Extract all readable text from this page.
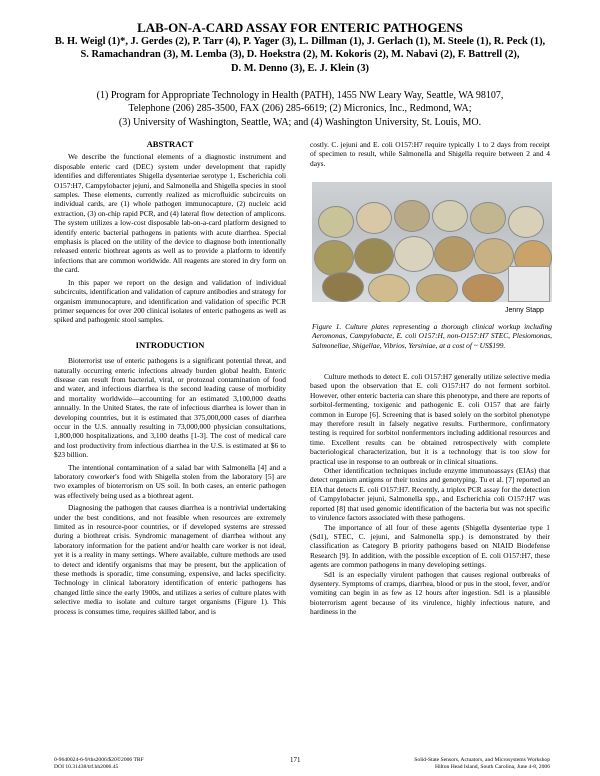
LAB-ON-A-CARD ASSAY FOR ENTERIC PATHOGENS
B. H. Weigl (1)*, J. Gerdes (2), P. Tarr (4), P. Yager (3), L. Dillman (1), J. Gerlach (1), M. Steele (1), R. Peck (1),
S. Ramachandran (3), M. Lemba (3), D. Hoekstra (2), M. Kokoris (2), M. Nabavi (2), F. Battrell (2),
D. M. Denno (3), E. J. Klein (3)
(1) Program for Appropriate Technology in Health (PATH), 1455 NW Leary Way, Seattle, WA 98107,
Telephone (206) 285-3500, FAX (206) 285-6619; (2) Micronics, Inc., Redmond, WA;
(3) University of Washington, Seattle, WA; and (4) Washington University, St. Louis, MO.

ABSTRACT

We describe the functional elements of a diagnostic instrument and disposable enteric card (DEC) system under development that rapidly identifies and differentiates Shigella dysenteriae serotype 1, Escherichia coli O157:H7, Campylobacter jejuni, and Salmonella and Shigella species in stool samples. These elements, currently realized as microfluidic subcircuits on individual cards, are (1) whole pathogen immunocapture, (2) nucleic acid extraction, (3) on-chip rapid PCR, and (4) lateral flow detection of amplicons. The system utilizes a low-cost disposable lab-on-a-card platform designed to identify enteric bacterial pathogens in patients with acute diarrhea. Special emphasis is placed on the utility of the device to diagnose both intentionally released enteric biothreat agents as well as to provide a platform to identify infections that are common worldwide. All reagents are stored in dry form on the card.

In this paper we report on the design and validation of individual subcircuits, identification and validation of capture antibodies and strategy for organism immunocapture, and identification and validation of specific PCR primer sequences for over 200 clinical isolates of enteric pathogens as well as spiked and pathogenic stool samples.

INTRODUCTION

Bioterrorist use of enteric pathogens is a significant potential threat, and naturally occurring enteric infections already burden global health. Enteric disease can result from bacterial, viral, or protozoal contamination of food and water, and infectious diarrhea is the second leading cause of morbidity and mortality worldwide—accounting for an estimated 3,100,000 deaths annually. In the United States, the rate of infectious diarrhea is lower than in developing countries, but it is estimated that 375,000,000 cases of diarrhea occur in the U.S. annually resulting in 73,000,000 physician consultations, 1,800,000 hospitalizations, and 3,100 deaths [1-3]. The cost of medical care and lost productivity from infectious diarrhea in the U.S. is estimated at $6 to $23 billion.

The intentional contamination of a salad bar with Salmonella [4] and a laboratory coworker's food with Shigella stolen from the laboratory [5] are two examples of bioterrorism on US soil. In both cases, an enteric pathogen was effectively being used as a biothreat agent.

Diagnosing the pathogen that causes diarrhea is a nontrivial undertaking under the best conditions, and not feasible when resources are extremely limited as in resource-poor countries, or if developed systems are stressed during a biothreat crisis. Syndromic management of diarrhea without any laboratory information for the patient and/or health care worker is not ideal, yet it is a reality in many settings. Where available, culture methods are used to detect and identify organisms that may be present, but the application of these methods is sporadic, time consuming, expensive, and lacks specificity. Technology in clinical laboratory identification of enteric pathogens has changed little since the early 1900s, and utilizes a series of culture plates with selective media to isolate and culture target organisms (Figure 1). This process is consumes time, requires skilled labor, and is

costly. C. jejuni and E. coli O157:H7 require typically 1 to 2 days from receipt of specimen to result, while Salmonella and Shigella require between 2 and 4 days.

Jenny Stapp
Figure 1. Culture plates representing a thorough clinical workup including Aeromonas, Campylobacte, E. coli O157:H, non-O157:H7 STEC, Plesiomonas, Salmonellae, Shigellae, Vibrios, Yersiniae, at a cost of ~ US$199.

Culture methods to detect E. coli O157:H7 generally utilize selective media based upon the observation that E. coli O157:H7 do not ferment sorbitol. However, other enteric bacteria can share this phenotype, and there are reports of sorbitol-fermenting, toxigenic and pathogenic E. coli O157 that are fairly common in Europe [6]. Screening that is based solely on the sorbitol phenotype may therefore result in falsely negative results. Furthermore, confirmatory testing is required for sorbitol nonfermentors including additional resources and time. Excellent results can be obtained retrospectively with complete bacteriological characterization, but it is a technology that is too slow for practical use in response to an outbreak or in clinical situations.

Other identification techniques include enzyme immunoassays (EIAs) that detect organism antigens or their toxins and genotyping. Tu et al. [7] reported an EIA that detects E. coli O157:H7. Recently, a triplex PCR assay for the detection of Campylobacter jejuni, Salmonella spp., and Escherichia coli O157:H7 was reported [8] that used genomic identification of the bacteria but was not specific to virulence factors associated with these pathogens.

The importance of all four of these agents (Shigella dysenteriae type 1 (Sd1), STEC, C. jejuni, and Salmonella spp.) is demonstrated by their classification as Category B priority pathogens based on NIAID Biodefense Research [9]. In addition, with the possible exception of E. coli O157:H7, these agents are common pathogens in many developing settings.

Sd1 is an especially virulent pathogen that causes regional outbreaks of dysentery. Symptoms of cramps, diarrhea, blood or pus in the stool, fever, and/or vomiting can begin in as few as 12 hours after ingestion. Sd1 is a plausible bioterrorism agent because of its virulence, highly infectious nature, and hardiness in the

0-9640024-6-9/ths2006/$20©2006 TRF
DOI 10.31438/trf.hh2006.45
171	Solid-State Sensors, Actuators, and Microsystems Workshop
Hilton Head Island, South Carolina, June 4-8, 2006
